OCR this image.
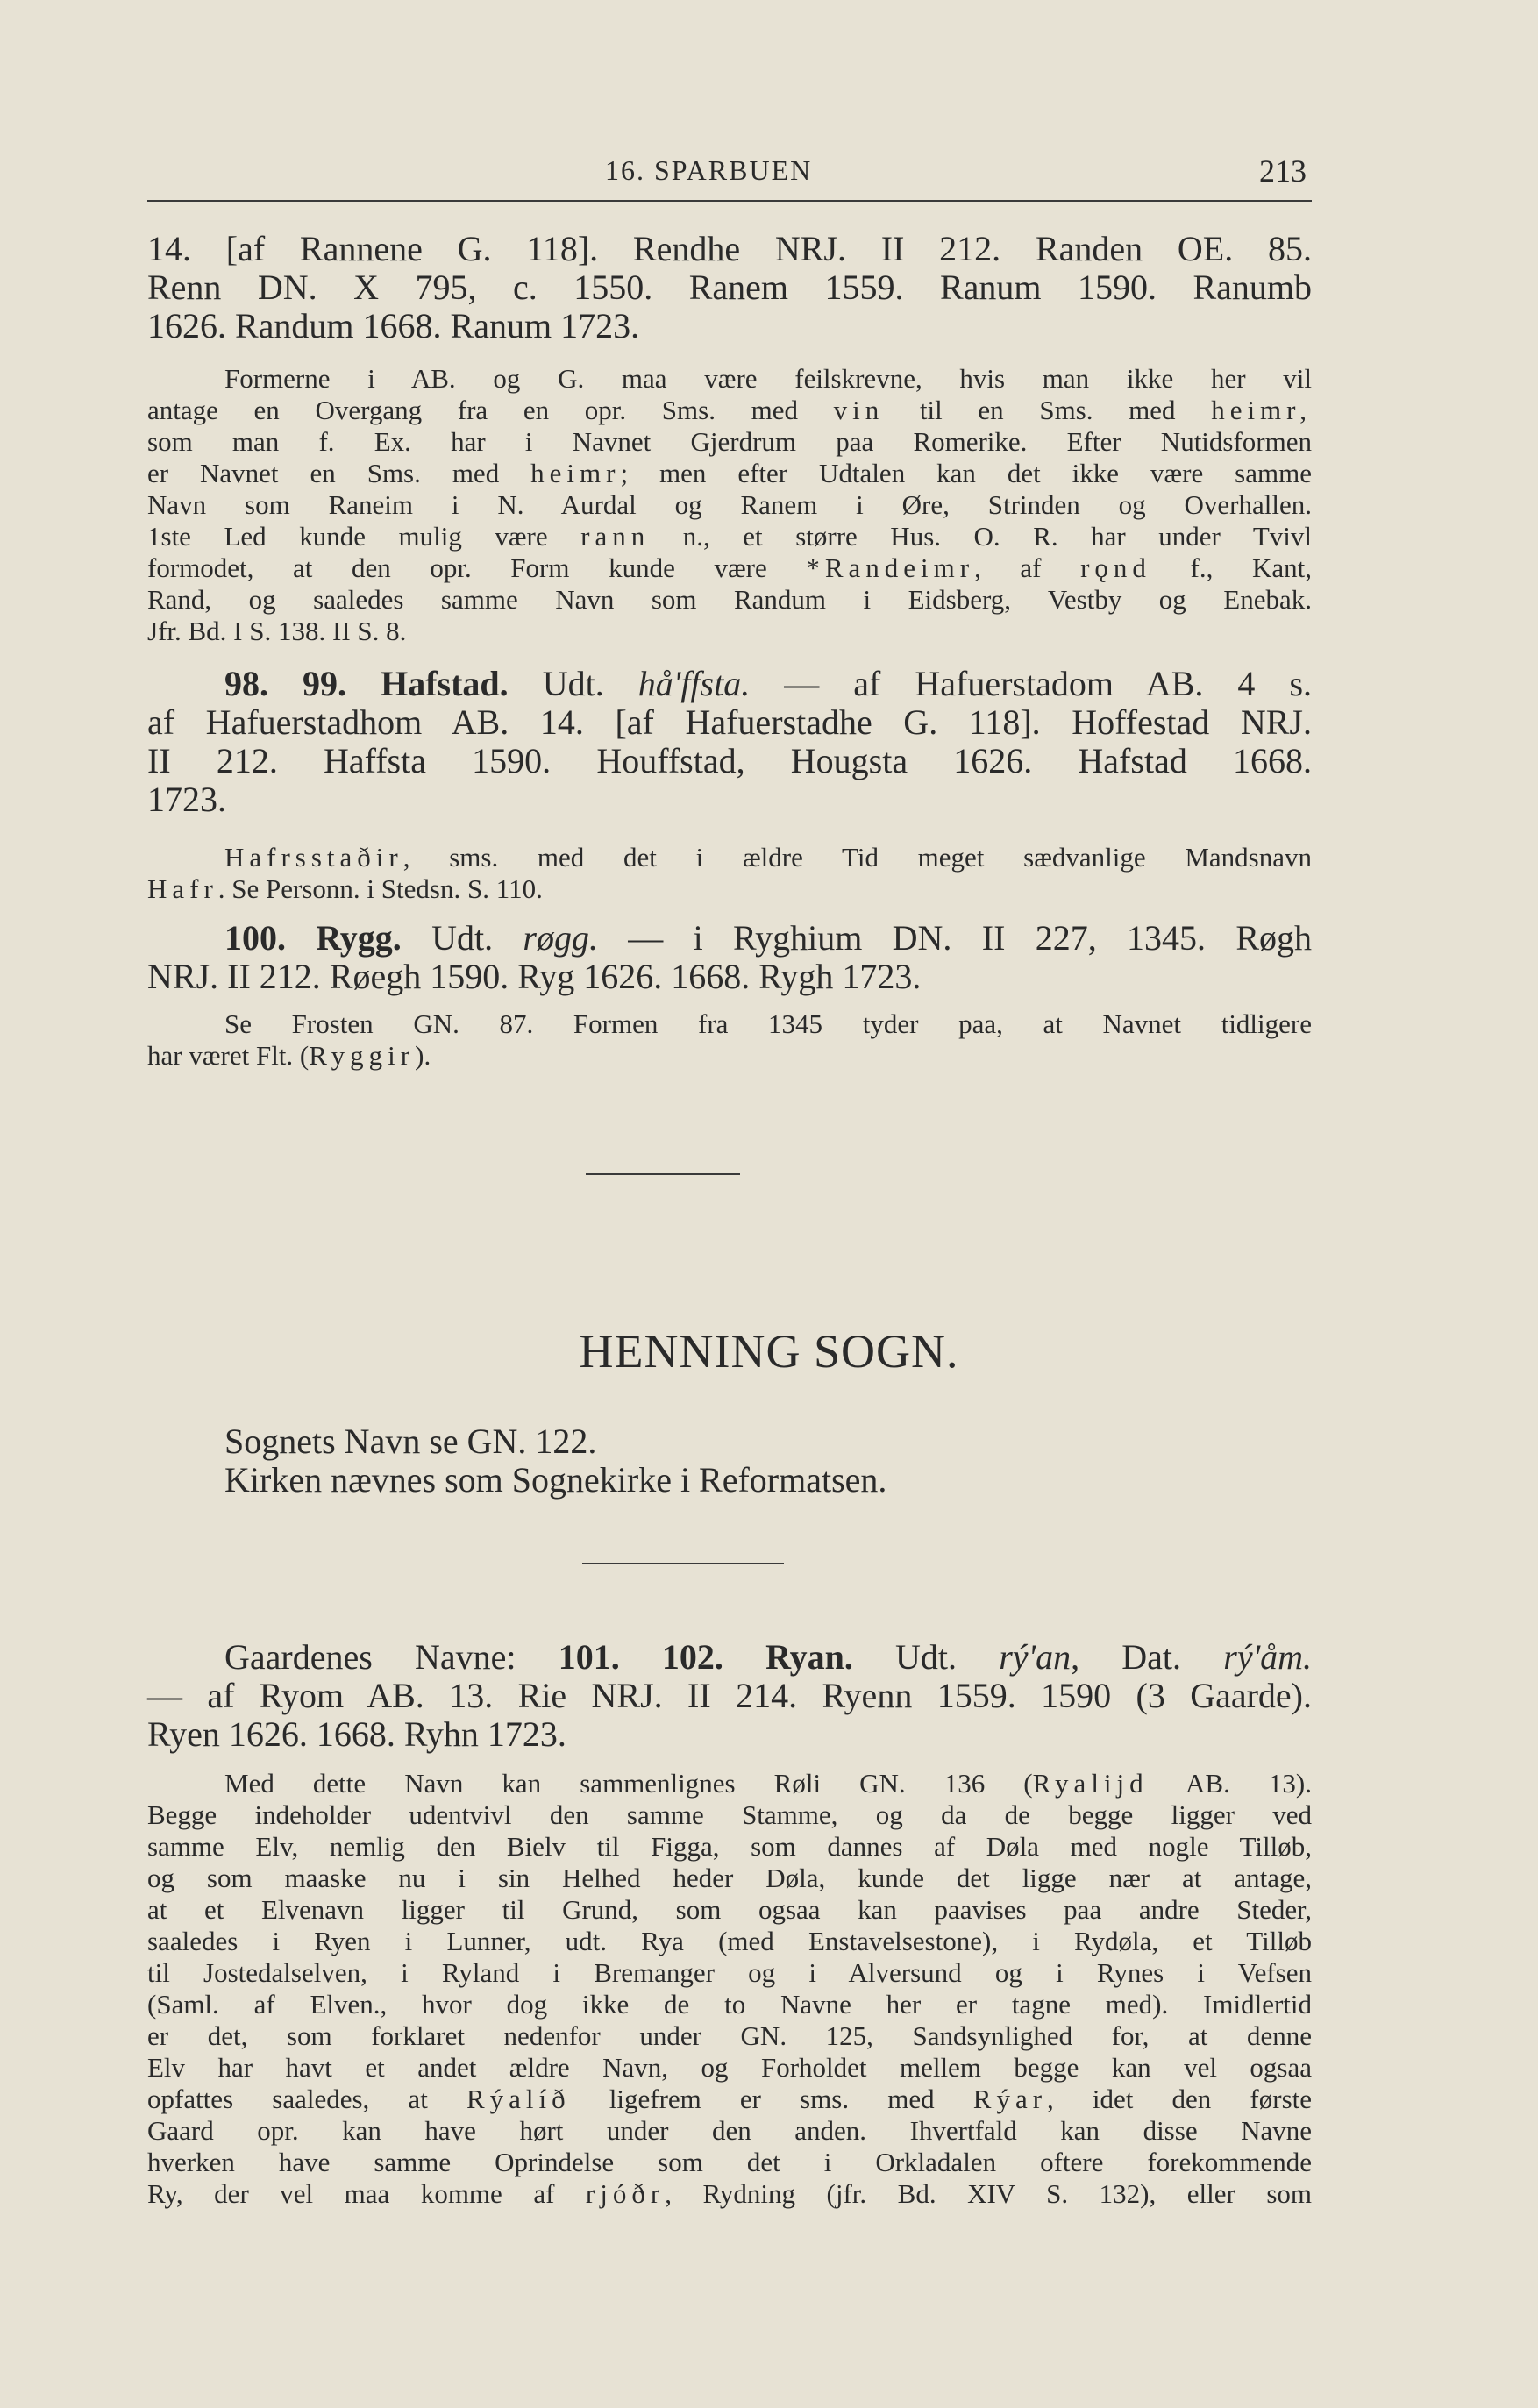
16. SPARBUEN	213

14. [af Rannene G. 118]. Rendhe NRJ. II 212. Randen OE. 85.

Renn DN. X 795, c. 1550. Ranem 1559. Ranum 1590. Ranumb

1626. Randum 1668. Ranum 1723.

Formerne i AB. og G. maa være feilskrevne, hvis man ikke her vil

antage en Overgang fra en opr. Sms. med vin til en Sms. med heimr,

som man f. Ex. har i Navnet Gjerdrum paa Romerike. Efter Nutidsformen

er Navnet en Sms. med heimr; men efter Udtalen kan det ikke være samme

Navn som Raneim i N. Aurdal og Ranem i Øre, Strinden og Overhallen.

1ste Led kunde mulig være rann n., et større Hus. O. R. har under Tvivl

formodet, at den opr. Form kunde være *Randeimr, af rǫnd f., Kant,

Rand, og saaledes samme Navn som Randum i Eidsberg, Vestby og Enebak.

Jfr. Bd. I S. 138. II S. 8.

98. 99. Hafstad. Udt. hå'ffsta. — af Hafuerstadom AB. 4 s.

af Hafuerstadhom AB. 14. [af Hafuerstadhe G. 118]. Hoffestad NRJ.

II 212. Haffsta 1590. Houffstad, Hougsta 1626. Hafstad 1668.

1723.

Hafrsstaðir, sms. med det i ældre Tid meget sædvanlige Mandsnavn

Hafr. Se Personn. i Stedsn. S. 110.

100. Rygg. Udt. røgg. — i Ryghium DN. II 227, 1345. Røgh

NRJ. II 212. Røegh 1590. Ryg 1626. 1668. Rygh 1723.

Se Frosten GN. 87. Formen fra 1345 tyder paa, at Navnet tidligere

har været Flt. (Ryggir).

HENNING SOGN.

Sognets Navn se GN. 122.

Kirken nævnes som Sognekirke i Reformatsen.

Gaardenes Navne: 101. 102. Ryan. Udt. rý'an, Dat. rý'åm.

— af Ryom AB. 13. Rie NRJ. II 214. Ryenn 1559. 1590 (3 Gaarde).

Ryen 1626. 1668. Ryhn 1723.

Med dette Navn kan sammenlignes Røli GN. 136 (Ryalijd AB. 13).

Begge indeholder udentvivl den samme Stamme, og da de begge ligger ved

samme Elv, nemlig den Bielv til Figga, som dannes af Døla med nogle Tilløb,

og som maaske nu i sin Helhed heder Døla, kunde det ligge nær at antage,

at et Elvenavn ligger til Grund, som ogsaa kan paavises paa andre Steder,

saaledes i Ryen i Lunner, udt. Rya (med Enstavelsestone), i Rydøla, et Tilløb

til Jostedalselven, i Ryland i Bremanger og i Alversund og i Rynes i Vefsen

(Saml. af Elven., hvor dog ikke de to Navne her er tagne med). Imidlertid

er det, som forklaret nedenfor under GN. 125, Sandsynlighed for, at denne

Elv har havt et andet ældre Navn, og Forholdet mellem begge kan vel ogsaa

opfattes saaledes, at Rýalíð ligefrem er sms. med Rýar, idet den første

Gaard opr. kan have hørt under den anden. Ihvertfald kan disse Navne

hverken have samme Oprindelse som det i Orkladalen oftere forekommende

Ry, der vel maa komme af rjóðr, Rydning (jfr. Bd. XIV S. 132), eller som
